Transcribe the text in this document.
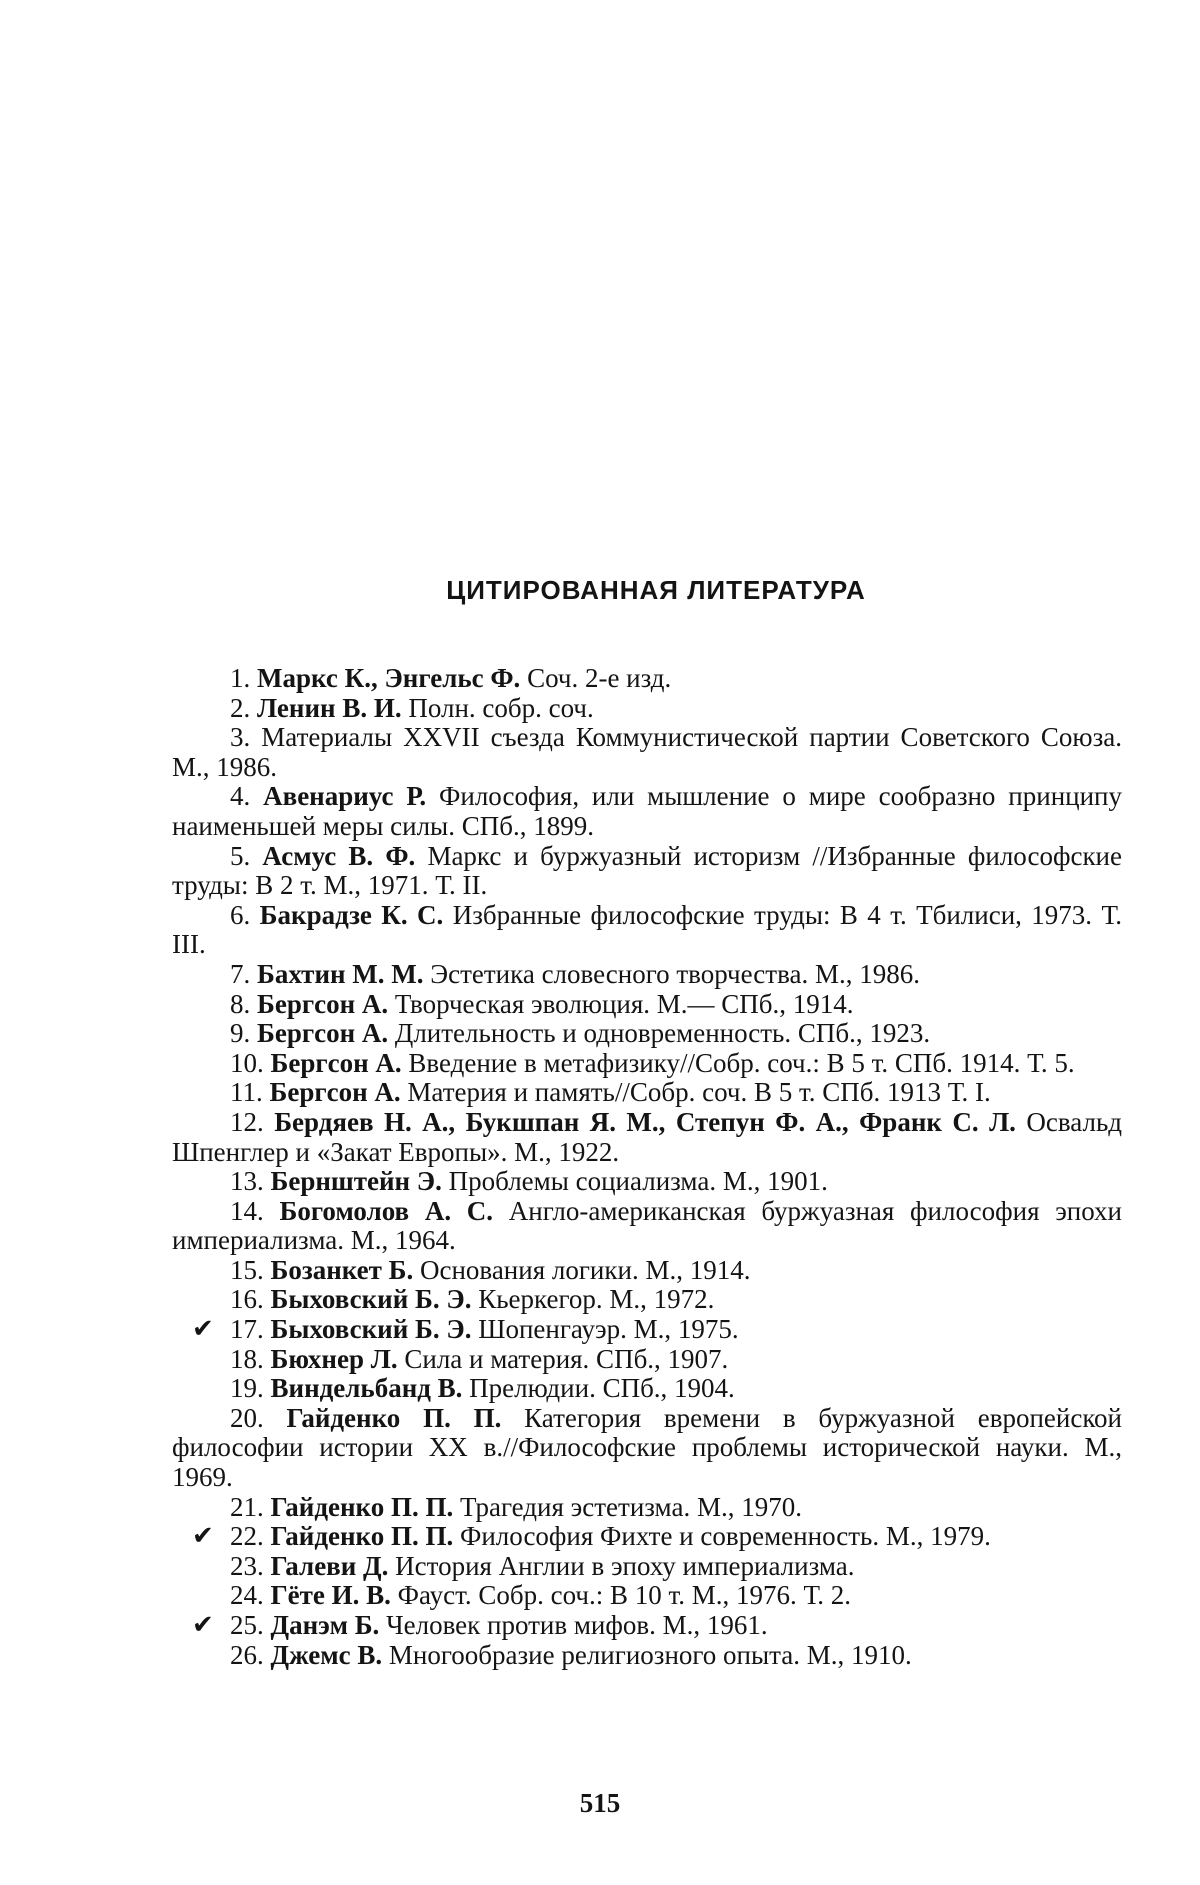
ЦИТИРОВАННАЯ ЛИТЕРАТУРА
1. Маркс К., Энгельс Ф. Соч. 2-е изд.
2. Ленин В. И. Полн. собр. соч.
3. Материалы XXVII съезда Коммунистической партии Советского Союза. М., 1986.
4. Авенариус Р. Философия, или мышление о мире сообразно принципу наименьшей меры силы. СПб., 1899.
5. Асмус В. Ф. Маркс и буржуазный историзм //Избранные философские труды: В 2 т. М., 1971. Т. II.
6. Бакрадзе К. С. Избранные философские труды: В 4 т. Тбилиси, 1973. Т. III.
7. Бахтин М. М. Эстетика словесного творчества. М., 1986.
8. Бергсон А. Творческая эволюция. М.— СПб., 1914.
9. Бергсон А. Длительность и одновременность. СПб., 1923.
10. Бергсон А. Введение в метафизику//Собр. соч.: В 5 т. СПб. 1914. Т. 5.
11. Бергсон А. Материя и память//Собр. соч. В 5 т. СПб. 1913 Т. I.
12. Бердяев Н. А., Букшпан Я. М., Степун Ф. А., Франк С. Л. Освальд Шпенглер и «Закат Европы». М., 1922.
13. Бернштейн Э. Проблемы социализма. М., 1901.
14. Богомолов А. С. Англо-американская буржуазная философия эпохи империализма. М., 1964.
15. Бозанкет Б. Основания логики. М., 1914.
16. Быховский Б. Э. Кьеркегор. М., 1972.
✔ 17. Быховский Б. Э. Шопенгауэр. М., 1975.
18. Бюхнер Л. Сила и материя. СПб., 1907.
19. Виндельбанд В. Прелюдии. СПб., 1904.
20. Гайденко П. П. Категория времени в буржуазной европейской философии истории XX в.//Философские проблемы исторической науки. М., 1969.
21. Гайденко П. П. Трагедия эстетизма. М., 1970.
✔ 22. Гайденко П. П. Философия Фихте и современность. М., 1979.
23. Галеви Д. История Англии в эпоху империализма.
24. Гёте И. В. Фауст. Собр. соч.: В 10 т. М., 1976. Т. 2.
✔ 25. Данэм Б. Человек против мифов. М., 1961.
26. Джемс В. Многообразие религиозного опыта. М., 1910.
515
